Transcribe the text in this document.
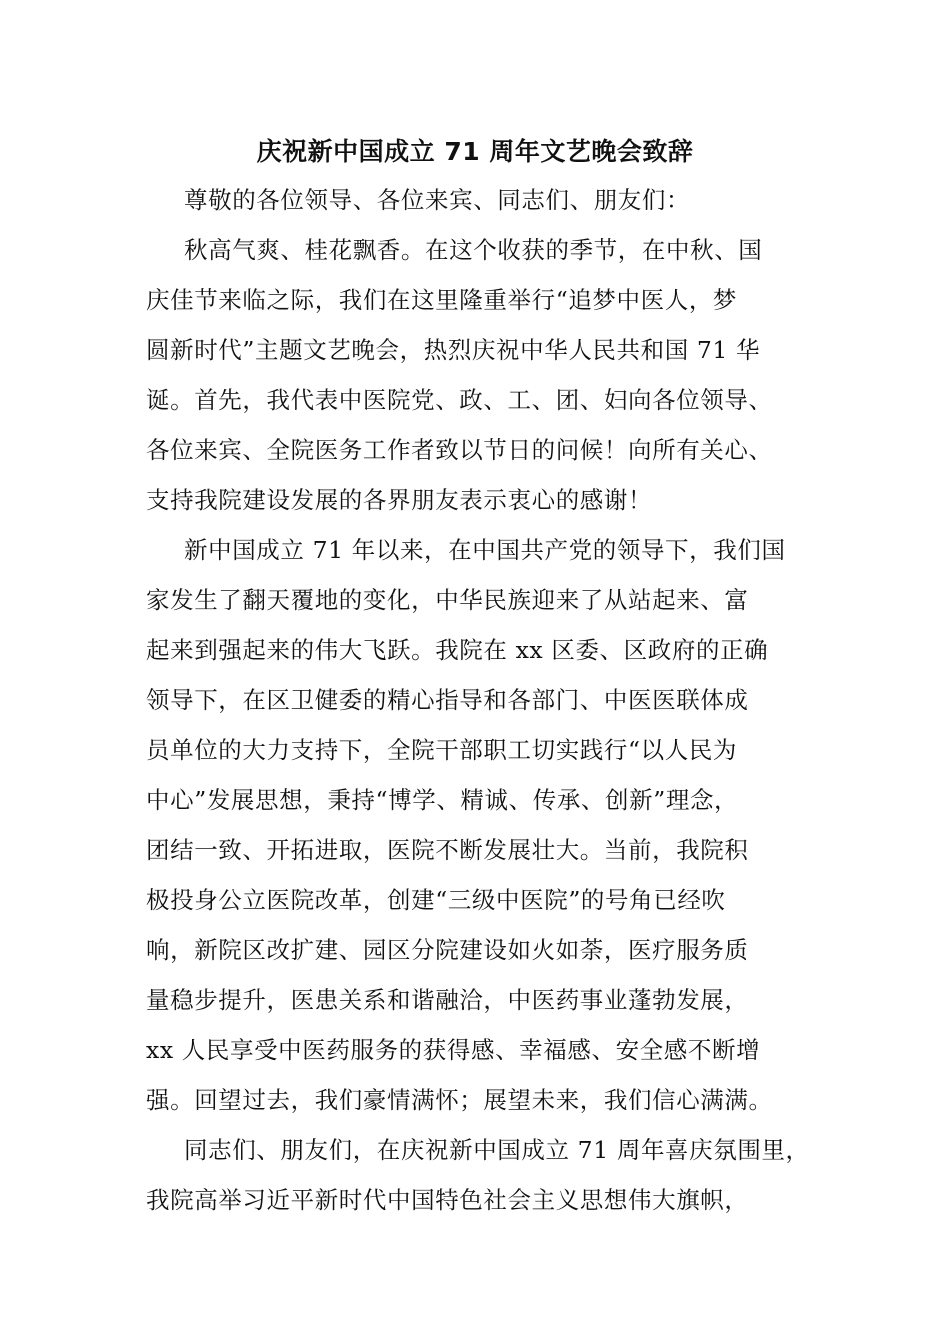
庆祝新中国成立 71 周年文艺晚会致辞
尊敬的各位领导、各位来宾、同志们、朋友们：
秋高气爽、桂花飘香。在这个收获的季节，在中秋、国
庆佳节来临之际，我们在这里隆重举行“追梦中医人，梦
圆新时代”主题文艺晚会，热烈庆祝中华人民共和国 71 华
诞。首先，我代表中医院党、政、工、团、妇向各位领导、
各位来宾、全院医务工作者致以节日的问候！向所有关心、
支持我院建设发展的各界朋友表示衷心的感谢！
新中国成立 71 年以来，在中国共产党的领导下，我们国
家发生了翻天覆地的变化，中华民族迎来了从站起来、富
起来到强起来的伟大飞跃。我院在 xx 区委、区政府的正确
领导下，在区卫健委的精心指导和各部门、中医医联体成
员单位的大力支持下，全院干部职工切实践行“以人民为
中心”发展思想，秉持“博学、精诚、传承、创新”理念，
团结一致、开拓进取，医院不断发展壮大。当前，我院积
极投身公立医院改革，创建“三级中医院”的号角已经吹
响，新院区改扩建、园区分院建设如火如荼，医疗服务质
量稳步提升，医患关系和谐融洽，中医药事业蓬勃发展，
xx 人民享受中医药服务的获得感、幸福感、安全感不断增
强。回望过去，我们豪情满怀；展望未来，我们信心满满。
同志们、朋友们，在庆祝新中国成立 71 周年喜庆氛围里，
我院高举习近平新时代中国特色社会主义思想伟大旗帜，
